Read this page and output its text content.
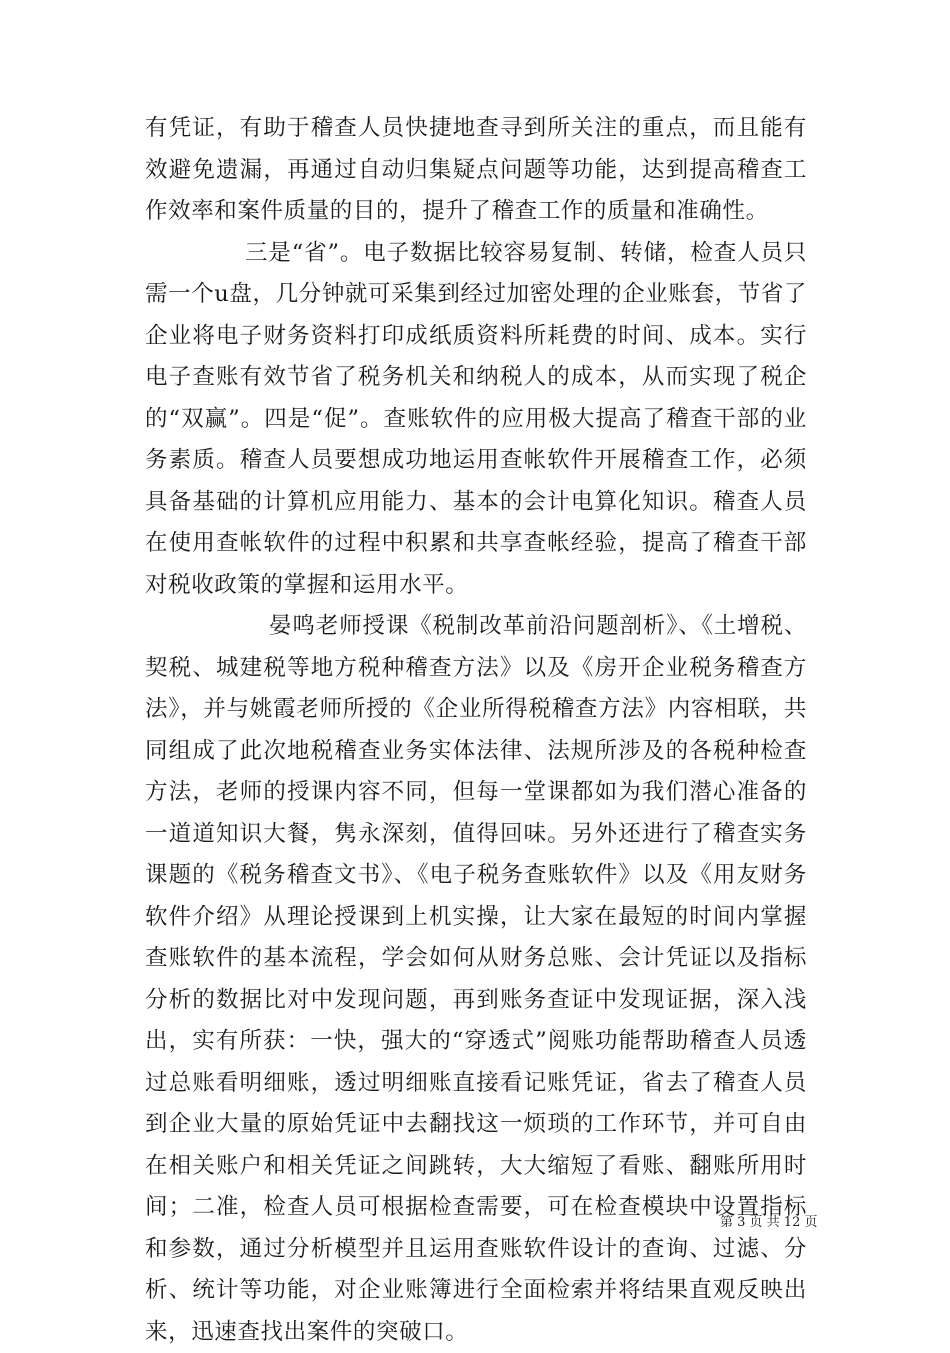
有凭证，有助于稽查人员快捷地查寻到所关注的重点，而且能有效避免遗漏，再通过自动归集疑点问题等功能，达到提高稽查工作效率和案件质量的目的，提升了稽查工作的质量和准确性。

三是“省”。电子数据比较容易复制、转储，检查人员只需一个u盘，几分钟就可采集到经过加密处理的企业账套，节省了企业将电子财务资料打印成纸质资料所耗费的时间、成本。实行电子查账有效节省了税务机关和纳税人的成本，从而实现了税企的“双赢”。四是“促”。查账软件的应用极大提高了稽查干部的业务素质。稽查人员要想成功地运用查帐软件开展稽查工作，必须具备基础的计算机应用能力、基本的会计电算化知识。稽查人员在使用查帐软件的过程中积累和共享查帐经验，提高了稽查干部对税收政策的掌握和运用水平。

晏鸣老师授课《税制改革前沿问题剖析》、《土增税、契税、城建税等地方税种稽查方法》以及《房开企业税务稽查方法》，并与姚霞老师所授的《企业所得税稽查方法》内容相联，共同组成了此次地税稽查业务实体法律、法规所涉及的各税种检查方法，老师的授课内容不同，但每一堂课都如为我们潜心准备的一道道知识大餐，隽永深刻，值得回味。另外还进行了稽查实务课题的《税务稽查文书》、《电子税务查账软件》以及《用友财务软件介绍》从理论授课到上机实操，让大家在最短的时间内掌握查账软件的基本流程，学会如何从财务总账、会计凭证以及指标分析的数据比对中发现问题，再到账务查证中发现证据，深入浅出，实有所获：一快，强大的“穿透式”阅账功能帮助稽查人员透过总账看明细账，透过明细账直接看记账凭证，省去了稽查人员到企业大量的原始凭证中去翻找这一烦琐的工作环节，并可自由在相关账户和相关凭证之间跳转，大大缩短了看账、翻账所用时间；二准，检查人员可根据检查需要，可在检查模块中设置指标和参数，通过分析模型并且运用查账软件设计的查询、过滤、分析、统计等功能，对企业账簿进行全面检索并将结果直观反映出来，迅速查找出案件的突破口。

第 3 页 共 12 页
